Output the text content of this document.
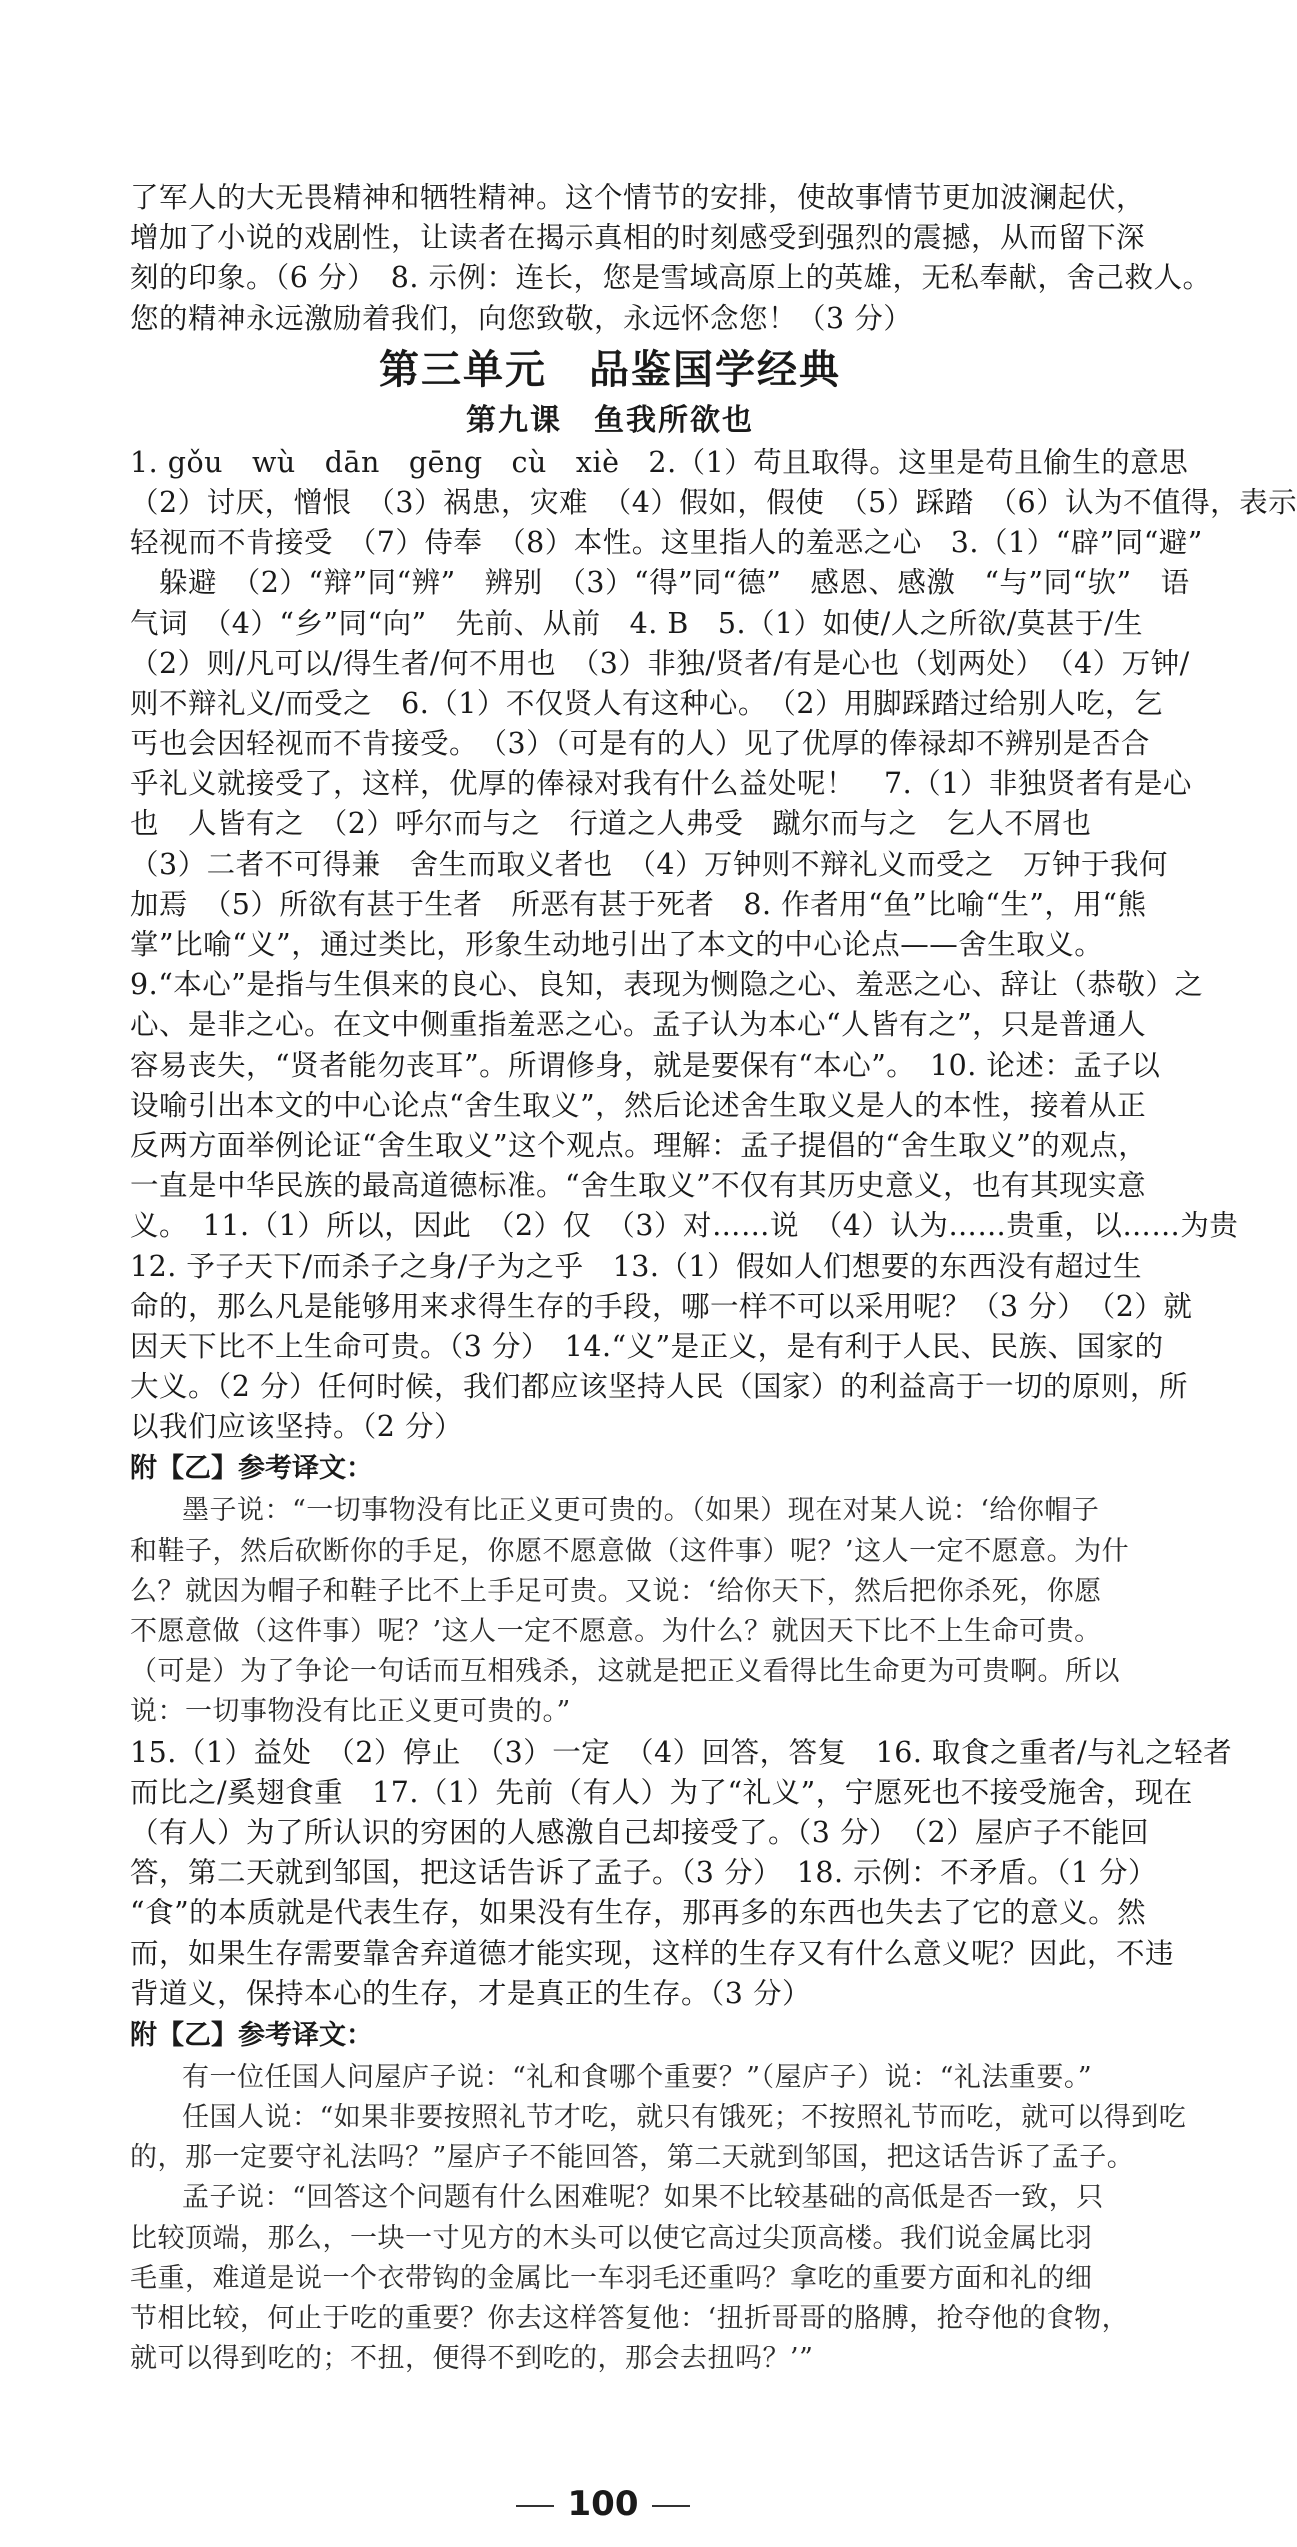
了军人的大无畏精神和牺牲精神。这个情节的安排，使故事情节更加波澜起伏，
增加了小说的戏剧性，让读者在揭示真相的时刻感受到强烈的震撼，从而留下深
刻的印象。（6 分）　8. 示例：连长，您是雪域高原上的英雄，无私奉献，舍己救人。
您的精神永远激励着我们，向您致敬，永远怀念您！（3 分）
第三单元　品鉴国学经典
第九课　鱼我所欲也
1. gǒu　wù　dān　gēng　cù　xiè　2.（1）苟且取得。这里是苟且偷生的意思
（2）讨厌，憎恨　（3）祸患，灾难　（4）假如，假使　（5）踩踏　（6）认为不值得，表示
轻视而不肯接受　（7）侍奉　（8）本性。这里指人的羞恶之心　3.（1）“辟”同“避”
　躲避　（2）“辩”同“辨”　辨别　（3）“得”同“德”　感恩、感激　“与”同“欤”　语
气词　（4）“乡”同“向”　先前、从前　4. B　5.（1）如使/人之所欲/莫甚于/生
（2）则/凡可以/得生者/何不用也　（3）非独/贤者/有是心也（划两处）　（4）万钟/
则不辩礼义/而受之　6.（1）不仅贤人有这种心。　（2）用脚踩踏过给别人吃，乞
丐也会因轻视而不肯接受。　（3）（可是有的人）见了优厚的俸禄却不辨别是否合
乎礼义就接受了，这样，优厚的俸禄对我有什么益处呢！　7.（1）非独贤者有是心
也　人皆有之　（2）呼尔而与之　行道之人弗受　蹴尔而与之　乞人不屑也
（3）二者不可得兼　舍生而取义者也　（4）万钟则不辩礼义而受之　万钟于我何
加焉　（5）所欲有甚于生者　所恶有甚于死者　8. 作者用“鱼”比喻“生”，用“熊
掌”比喻“义”，通过类比，形象生动地引出了本文的中心论点——舍生取义。
9.“本心”是指与生俱来的良心、良知，表现为恻隐之心、羞恶之心、辞让（恭敬）之
心、是非之心。在文中侧重指羞恶之心。孟子认为本心“人皆有之”，只是普通人
容易丧失，“贤者能勿丧耳”。所谓修身，就是要保有“本心”。　10. 论述：孟子以
设喻引出本文的中心论点“舍生取义”，然后论述舍生取义是人的本性，接着从正
反两方面举例论证“舍生取义”这个观点。理解：孟子提倡的“舍生取义”的观点，
一直是中华民族的最高道德标准。“舍生取义”不仅有其历史意义，也有其现实意
义。　11.（1）所以，因此　（2）仅　（3）对……说　（4）认为……贵重，以……为贵
12. 予子天下/而杀子之身/子为之乎　13.（1）假如人们想要的东西没有超过生
命的，那么凡是能够用来求得生存的手段，哪一样不可以采用呢？（3 分）　（2）就
因天下比不上生命可贵。（3 分）　14.“义”是正义，是有利于人民、民族、国家的
大义。（2 分）任何时候，我们都应该坚持人民（国家）的利益高于一切的原则，所
以我们应该坚持。（2 分）
附【乙】参考译文：
墨子说：“一切事物没有比正义更可贵的。（如果）现在对某人说：‘给你帽子
和鞋子，然后砍断你的手足，你愿不愿意做（这件事）呢？’这人一定不愿意。为什
么？就因为帽子和鞋子比不上手足可贵。又说：‘给你天下，然后把你杀死，你愿
不愿意做（这件事）呢？’这人一定不愿意。为什么？就因天下比不上生命可贵。
（可是）为了争论一句话而互相残杀，这就是把正义看得比生命更为可贵啊。所以
说：一切事物没有比正义更可贵的。”
15.（1）益处　（2）停止　（3）一定　（4）回答，答复　16. 取食之重者/与礼之轻者
而比之/奚翅食重　17.（1）先前（有人）为了“礼义”，宁愿死也不接受施舍，现在
（有人）为了所认识的穷困的人感激自己却接受了。（3 分）　（2）屋庐子不能回
答，第二天就到邹国，把这话告诉了孟子。（3 分）　18. 示例：不矛盾。（1 分）
“食”的本质就是代表生存，如果没有生存，那再多的东西也失去了它的意义。然
而，如果生存需要靠舍弃道德才能实现，这样的生存又有什么意义呢？因此，不违
背道义，保持本心的生存，才是真正的生存。（3 分）
附【乙】参考译文：
有一位任国人问屋庐子说：“礼和食哪个重要？”（屋庐子）说：“礼法重要。”
任国人说：“如果非要按照礼节才吃，就只有饿死；不按照礼节而吃，就可以得到吃
的，那一定要守礼法吗？”屋庐子不能回答，第二天就到邹国，把这话告诉了孟子。
孟子说：“回答这个问题有什么困难呢？如果不比较基础的高低是否一致，只
比较顶端，那么，一块一寸见方的木头可以使它高过尖顶高楼。我们说金属比羽
毛重，难道是说一个衣带钩的金属比一车羽毛还重吗？拿吃的重要方面和礼的细
节相比较，何止于吃的重要？你去这样答复他：‘扭折哥哥的胳膊，抢夺他的食物，
就可以得到吃的；不扭，便得不到吃的，那会去扭吗？’”
100
